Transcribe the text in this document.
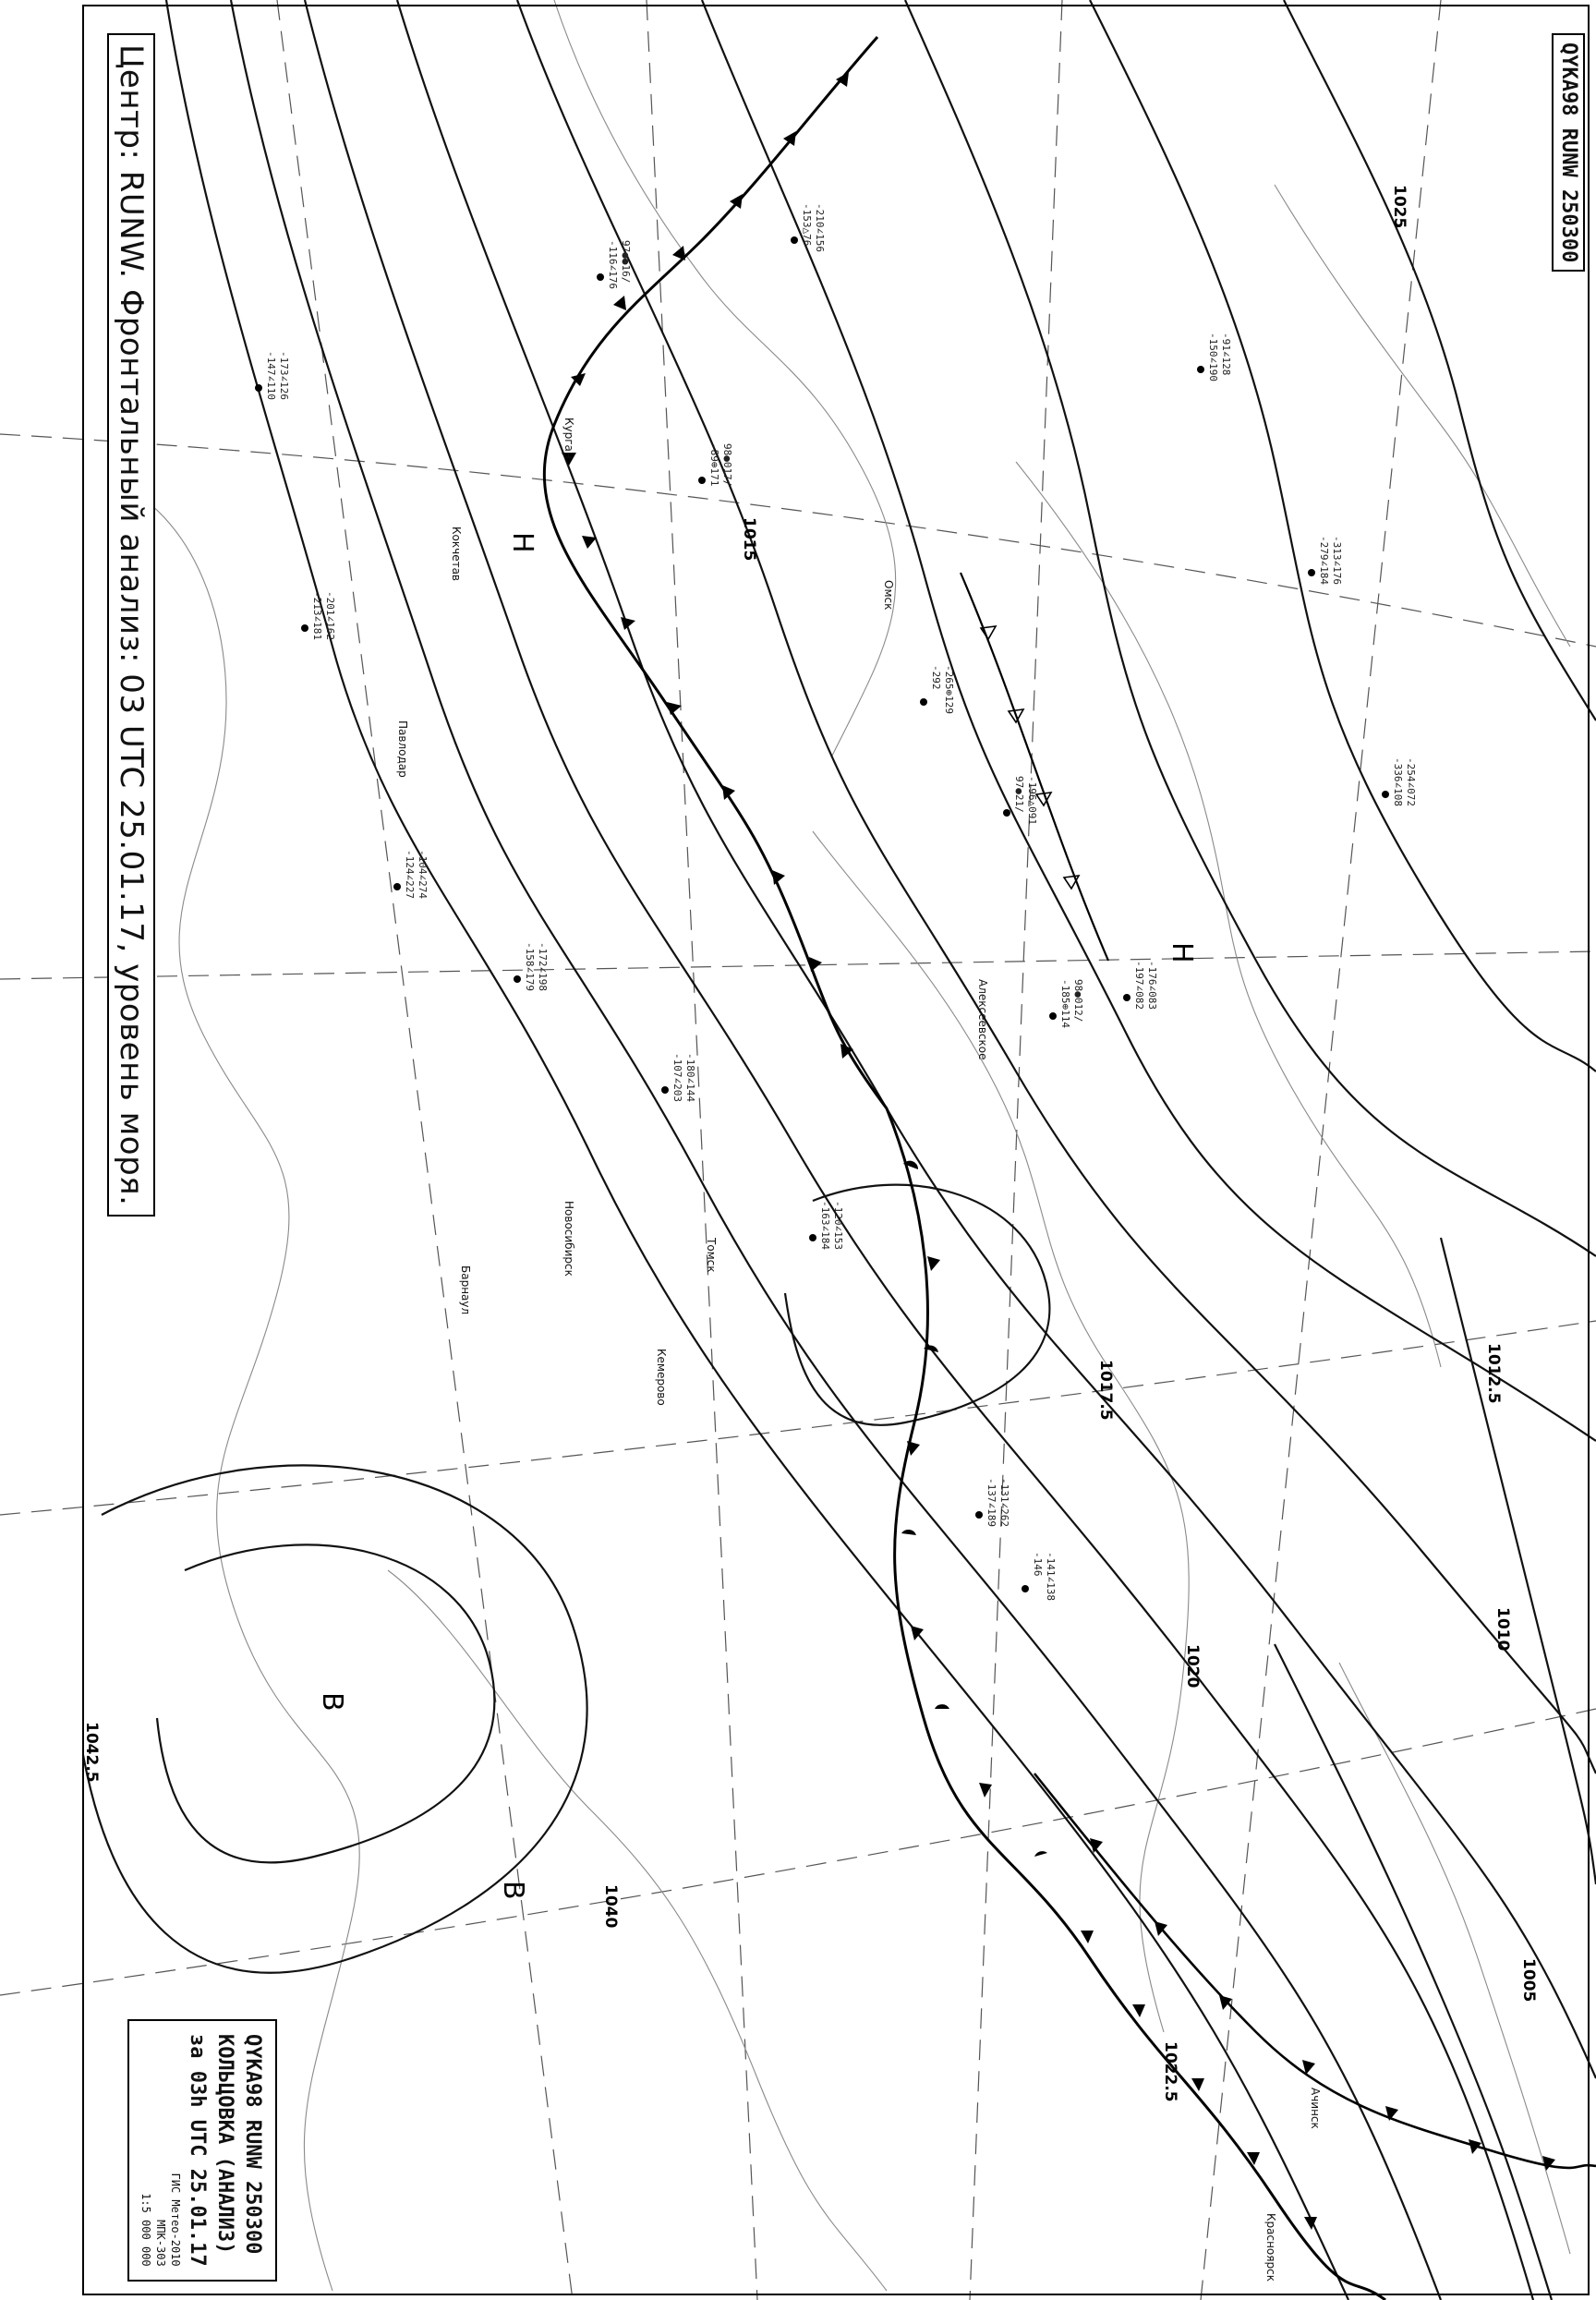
1005
1010
1012.5
1015
1017.5
1020
1022.5
1025
1040
1042.5
Н
Н
В
В
Курган
Омск
Томск
Новосибирск
Барнаул
Кемерово
Ачинск
Красноярск
Алексеевское
Кокчетав
Павлодар
-116∠176 97●●16/
-89⊕171 98●017/
-153△76 -210∠156
-292 -265⊕129
97●21/ -196△091
-185⊕114 98●012/
-137∠189 -131∠262
-146 -141∠138
-163∠184 -120∠153
-107∠203 -180∠144
-158∠179 -172∠198
-124∠227 -104∠274
-213∠181 -201∠162
-147∠110 -173∠126	-150∠190 -91∠128
-279∠184 -313∠176
-336∠108 -254∠072
-197∠082 -176∠083
Центр: RUNW. Фронтальный анализ: 03 UTC 25.01.17, уровень моря.	QYKA98 RUNW 250300
QYKA98 RUNW 250300
КОЛЬЦОВКА (АНАЛИЗ)
за 03h UTC 25.01.17
ГИС Метео-2010
МПК-303
1:5 000 000
